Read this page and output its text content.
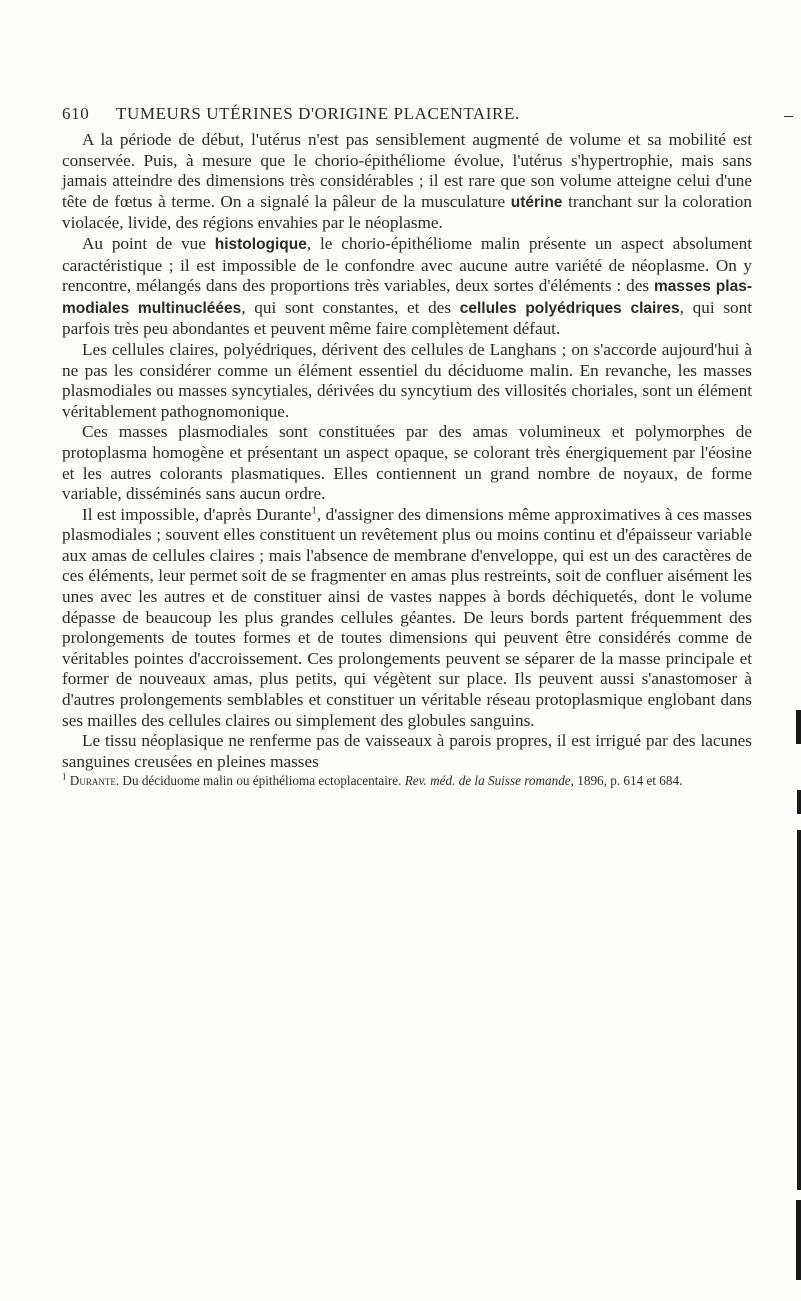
610 TUMEURS UTÉRINES D'ORIGINE PLACENTAIRE.

A la période de début, l'utérus n'est pas sensiblement augmenté de volume et sa mobilité est conservée. Puis, à mesure que le chorio-épithéliome évolue, l'utérus s'hypertrophie, mais sans jamais atteindre des dimensions très considérables ; il est rare que son volume atteigne celui d'une tête de fœtus à terme. On a signalé la pâleur de la musculature utérine tranchant sur la coloration violacée, livide, des régions envahies par le néoplasme.

Au point de vue histologique, le chorio-épithéliome malin présente un aspect absolument caractéristique ; il est impossible de le confondre avec aucune autre variété de néoplasme. On y rencontre, mélangés dans des proportions très variables, deux sortes d'éléments : des masses plasmodiales multinucléées, qui sont constantes, et des cellules polyédriques claires, qui sont parfois très peu abondantes et peuvent même faire complètement défaut.

Les cellules claires, polyédriques, dérivent des cellules de Langhans ; on s'accorde aujourd'hui à ne pas les considérer comme un élément essentiel du déciduome malin. En revanche, les masses plasmodiales ou masses syncytiales, dérivées du syncytium des villosités choriales, sont un élément véritablement pathognomonique.

Ces masses plasmodiales sont constituées par des amas volumineux et polymorphes de protoplasma homogène et présentant un aspect opaque, se colorant très énergiquement par l'éosine et les autres colorants plasmatiques. Elles contiennent un grand nombre de noyaux, de forme variable, disséminés sans aucun ordre.

Il est impossible, d'après Durante$^1$, d'assigner des dimensions même approximatives à ces masses plasmodiales ; souvent elles constituent un revêtement plus ou moins continu et d'épaisseur variable aux amas de cellules claires ; mais l'absence de membrane d'enveloppe, qui est un des caractères de ces éléments, leur permet soit de se fragmenter en amas plus restreints, soit de confluer aisément les unes avec les autres et de constituer ainsi de vastes nappes à bords déchiquetés, dont le volume dépasse de beaucoup les plus grandes cellules géantes. De leurs bords partent fréquemment des prolongements de toutes formes et de toutes dimensions qui peuvent être considérés comme de véritables pointes d'accroissement. Ces prolongements peuvent se séparer de la masse principale et former de nouveaux amas, plus petits, qui végètent sur place. Ils peuvent aussi s'anastomoser à d'autres prolongements semblables et constituer un véritable réseau protoplasmique englobant dans ses mailles des cellules claires ou simplement des globules sanguins.

Le tissu néoplasique ne renferme pas de vaisseaux à parois propres, il est irrigué par des lacunes sanguines creusées en pleines masses

$^1$ Durante. Du déciduome malin ou épithélioma ectoplacentaire. Rev. méd. de la Suisse romande, 1896, p. 614 et 684.
